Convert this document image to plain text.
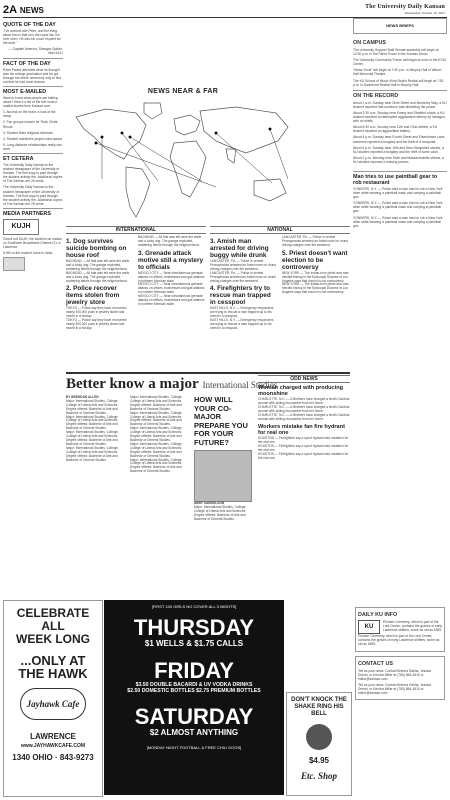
2A NEWS	The University Daily Kansan
Wednesday, October 10, 2007
QUOTE OF THE DAY
"I've worked with Peter, and the thing about him is that he's the worst liar I've ever seen. He has too much respect for the truth."
— Captain America, Stranger-Spider-Man #121
FACT OF THE DAY
Peter Parker attended what he thought was his college graduation and he got through the entire ceremony only to find out that he had done dances.
MOST E-MAILED
Want to know what people are talking about? Here's a list of the five most e-mailed stories from Kansan.com:
1. Alcohol on the brain: a look at the hemp
2. Fan groups chosen for Rock Chalk Revue
3. Student finds religious diversion
4. Student architect's project wins award
5. Long-distance relationships really can work
ET CETERA
The University Daily Kansan is the student newspaper of the University of Kansas. The first copy is paid through the student activity fee. Additional copies of The Kansan are 25 cents.
The University Daily Kansan is the student newspaper of the University of Kansas. The first copy is paid through the student activity fee. Additional copies of The Kansan are 25 cents.
MEDIA PARTNERS
KUJH
Check out KUJH, the student-run station on Sunflower Broadband Channel 31 in Lawrence.
KJHK is the student voice in radio.
NEWS BRIEFS
ON CAMPUS
The University Support Staff Senate assembly will begin at 10:30 a.m. in the Parlor Room in the Kansas Union.
The University Community Forum will begin at noon in the ECM Center.
"Ideas Vocal" will begin at 7:30 p.m. in Murphy Hall in Wilson Hall Memorial Theatre.
The KU School of Music Viola Studio Recital will begin at 7:30 p.m. in Swarthout Recital Hall in Murphy Hall.
ON THE RECORD
About 1 a.m. Sunday near Sixth Street and Monterey Way, a KU student reported that someone was disturbing the peace.
About 2:30 a.m. Sunday near Emery and Stratford roads, a KU student reported an attempted aggravated robbery by handgun, with no shells.
About 5:30 a.m. Sunday near 11th and Ohio streets, a KU student reported an aggravated battery.
About 4 p.m. Sunday near Fourth Street and Eisenhower Lane, someone reported a burglary and the theft of a computer.
About 4 p.m. Sunday near 10th and New Hampshire streets, a KU student reported a burglary and the theft of some cash.
About 2 p.m. Monday near Sixth and Massachusetts streets, a KU student reported a missing person.
Man tries to use paintball gear to rob restaurant
YONKERS, N.Y. — Police said a man tried to rob a New York diner while wearing a paintball mask and carrying a paintball gun.
YONKERS, N.Y. — Police said a man tried to rob a New York diner while wearing a paintball mask and carrying a paintball gun.
YONKERS, N.Y. — Police said a man tried to rob a New York diner while wearing a paintball mask and carrying a paintball gun.
NEWS NEAR & FAR
INTERNATIONAL
1. Dog survives suicide bombing on house roof
BAGHDAD — All that was left were the walls and a lucky dog. The garage exploded, scattering debris through the neighborhood.
BAGHDAD — All that was left were the walls and a lucky dog. The garage exploded, scattering debris through the neighborhood.
2. Police recover items stolen from jewelry store
TOKYO — Police say they have recovered nearly 400,000 yuan in jewelry stolen last month in a holdup.
TOKYO — Police say they have recovered nearly 400,000 yuan in jewelry stolen last month in a holdup.
BAGHDAD — All that was left were the walls and a lucky dog. The garage exploded, scattering debris through the neighborhood.
3. Grenade attack motive still a mystery to officials
MEXICO CITY — Near simultaneous grenade attacks on offices, businesses and gas stations in northern Mexican state.
MEXICO CITY — Near simultaneous grenade attacks on offices, businesses and gas stations in northern Mexican state.
MEXICO CITY — Near simultaneous grenade attacks on offices, businesses and gas stations in northern Mexican state.
NATIONAL
3. Amish man arrested for driving buggy while drunk
LANCASTER, Pa. — Police in central Pennsylvania arrested an Amish man on drunk driving charges over the weekend.
LANCASTER, Pa. — Police in central Pennsylvania arrested an Amish man on drunk driving charges over the weekend.
4. Firefighters try to rescue man trapped in cesspool
EAST HILLS, N.Y. — Emergency responders are trying to rescue a man trapped up to his chest in a cesspool.
EAST HILLS, N.Y. — Emergency responders are trying to rescue a man trapped up to his chest in a cesspool.
LANCASTER, Pa. — Police in central Pennsylvania arrested an Amish man on drunk driving charges over the weekend.
5. Priest doesn't want election to be controversy
NEW YORK — The Indian-born priest who was elected bishop in the Episcopal Diocese of Los Angeles says that church is not controversy.
NEW YORK — The Indian-born priest who was elected bishop in the Episcopal Diocese of Los Angeles says that church is not controversy.
Better know a major International Studies
BY BRENDAN ALLEN
Major: International Studies. College: College of Liberal Arts and Sciences. Degree offered: Bachelor of Arts and Bachelor of General Studies.
Major: International Studies. College: College of Liberal Arts and Sciences. Degree offered: Bachelor of Arts and Bachelor of General Studies.
Major: International Studies. College: College of Liberal Arts and Sciences. Degree offered: Bachelor of Arts and Bachelor of General Studies.
Major: International Studies. College: College of Liberal Arts and Sciences. Degree offered: Bachelor of Arts and Bachelor of General Studies.
Major: International Studies. College: College of Liberal Arts and Sciences. Degree offered: Bachelor of Arts and Bachelor of General Studies.
Major: International Studies. College: College of Liberal Arts and Sciences. Degree offered: Bachelor of Arts and Bachelor of General Studies.
Major: International Studies. College: College of Liberal Arts and Sciences. Degree offered: Bachelor of Arts and Bachelor of General Studies.
Major: International Studies. College: College of Liberal Arts and Sciences. Degree offered: Bachelor of Arts and Bachelor of General Studies.
Major: International Studies. College: College of Liberal Arts and Sciences. Degree offered: Bachelor of Arts and Bachelor of General Studies.
HOW WILL YOUR CO-MAJOR PREPARE YOU FOR YOUR FUTURE?
ABBY SAMUELSON
Major: International Studies. College: College of Liberal Arts and Sciences. Degree offered: Bachelor of Arts and Bachelor of General Studies.
ODD NEWS
Woman charged with producing moonshine
CHARLOTTE, N.C. — A Brothers have charged a North Carolina woman with selling moonshine from her home.
CHARLOTTE, N.C. — A Brothers have charged a North Carolina woman with selling moonshine from her home.
CHARLOTTE, N.C. — A Brothers have charged a North Carolina woman with selling moonshine from her home.
Workers mistake fan fire hydrant for real one
HOUSTON — Firefighters say a spoof hydrant was mistaken for the real one.
HOUSTON — Firefighters say a spoof hydrant was mistaken for the real one.
HOUSTON — Firefighters say a spoof hydrant was mistaken for the real one.
CELEBRATE ALL
WEEK LONG
...ONLY AT
THE HAWK
Jayhawk Cafe
LAWRENCE
www.JAYHAWKCAFE.COM
1340 OHIO · 843-9273
[FIRST 100 GIRLS NO COVER ALL 3 NIGHTS]
THURSDAY
$1 WELLS & $1.75 CALLS
FRIDAY
$3.50 DOUBLE BACARDI & UV VODKA DRINKS
$2.50 DOMESTIC BOTTLES $2.75 PREMIUM BOTTLES
SATURDAY
$2 ALMOST ANYTHING
[MONDAY NIGHT FOOTBALL & FREE CHILI DOGS]
DON'T KNOCK THE SHAKE RING HIS BELL
$4.95
Etc. Shop
DAILY KU INFO
KU
Pioneer Cemetery, which is part of the Lied Center, contains the graves of early Lawrence settlers, some as old as 1855.
Pioneer Cemetery, which is part of the Lied Center, contains the graves of early Lawrence settlers, some as old as 1855.
CONTACT US
Tell us your news. Contact Brenna Dahlia, Jessica Drexel, or Kendra Miller at (785) 864-4810 or editor@kansan.com.
Tell us your news. Contact Brenna Dahlia, Jessica Drexel, or Kendra Miller at (785) 864-4810 or editor@kansan.com.
